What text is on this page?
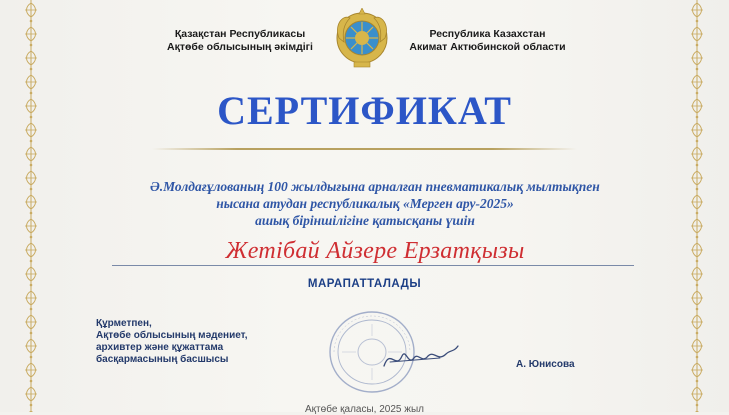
Қазақстан Республикасы
Ақтөбе облысының әкімдігі
Республика Казахстан
Акимат Актюбинской области
СЕРТИФИКАТ
Ә.Молдағұлованың 100 жылдығына арналған пневматикалық мылтықпен
нысана атудан республикалық «Мерген ару-2025»
ашық біріншілігіне қатысқаны үшін
Жетібай Айзере Ерзатқызы
МАРАПАТТАЛАДЫ
Құрметпен,
Ақтөбе облысының мәдениет,
архивтер және құжаттама
басқармасының басшысы	А. Юнисова
Ақтөбе қаласы, 2025 жыл
